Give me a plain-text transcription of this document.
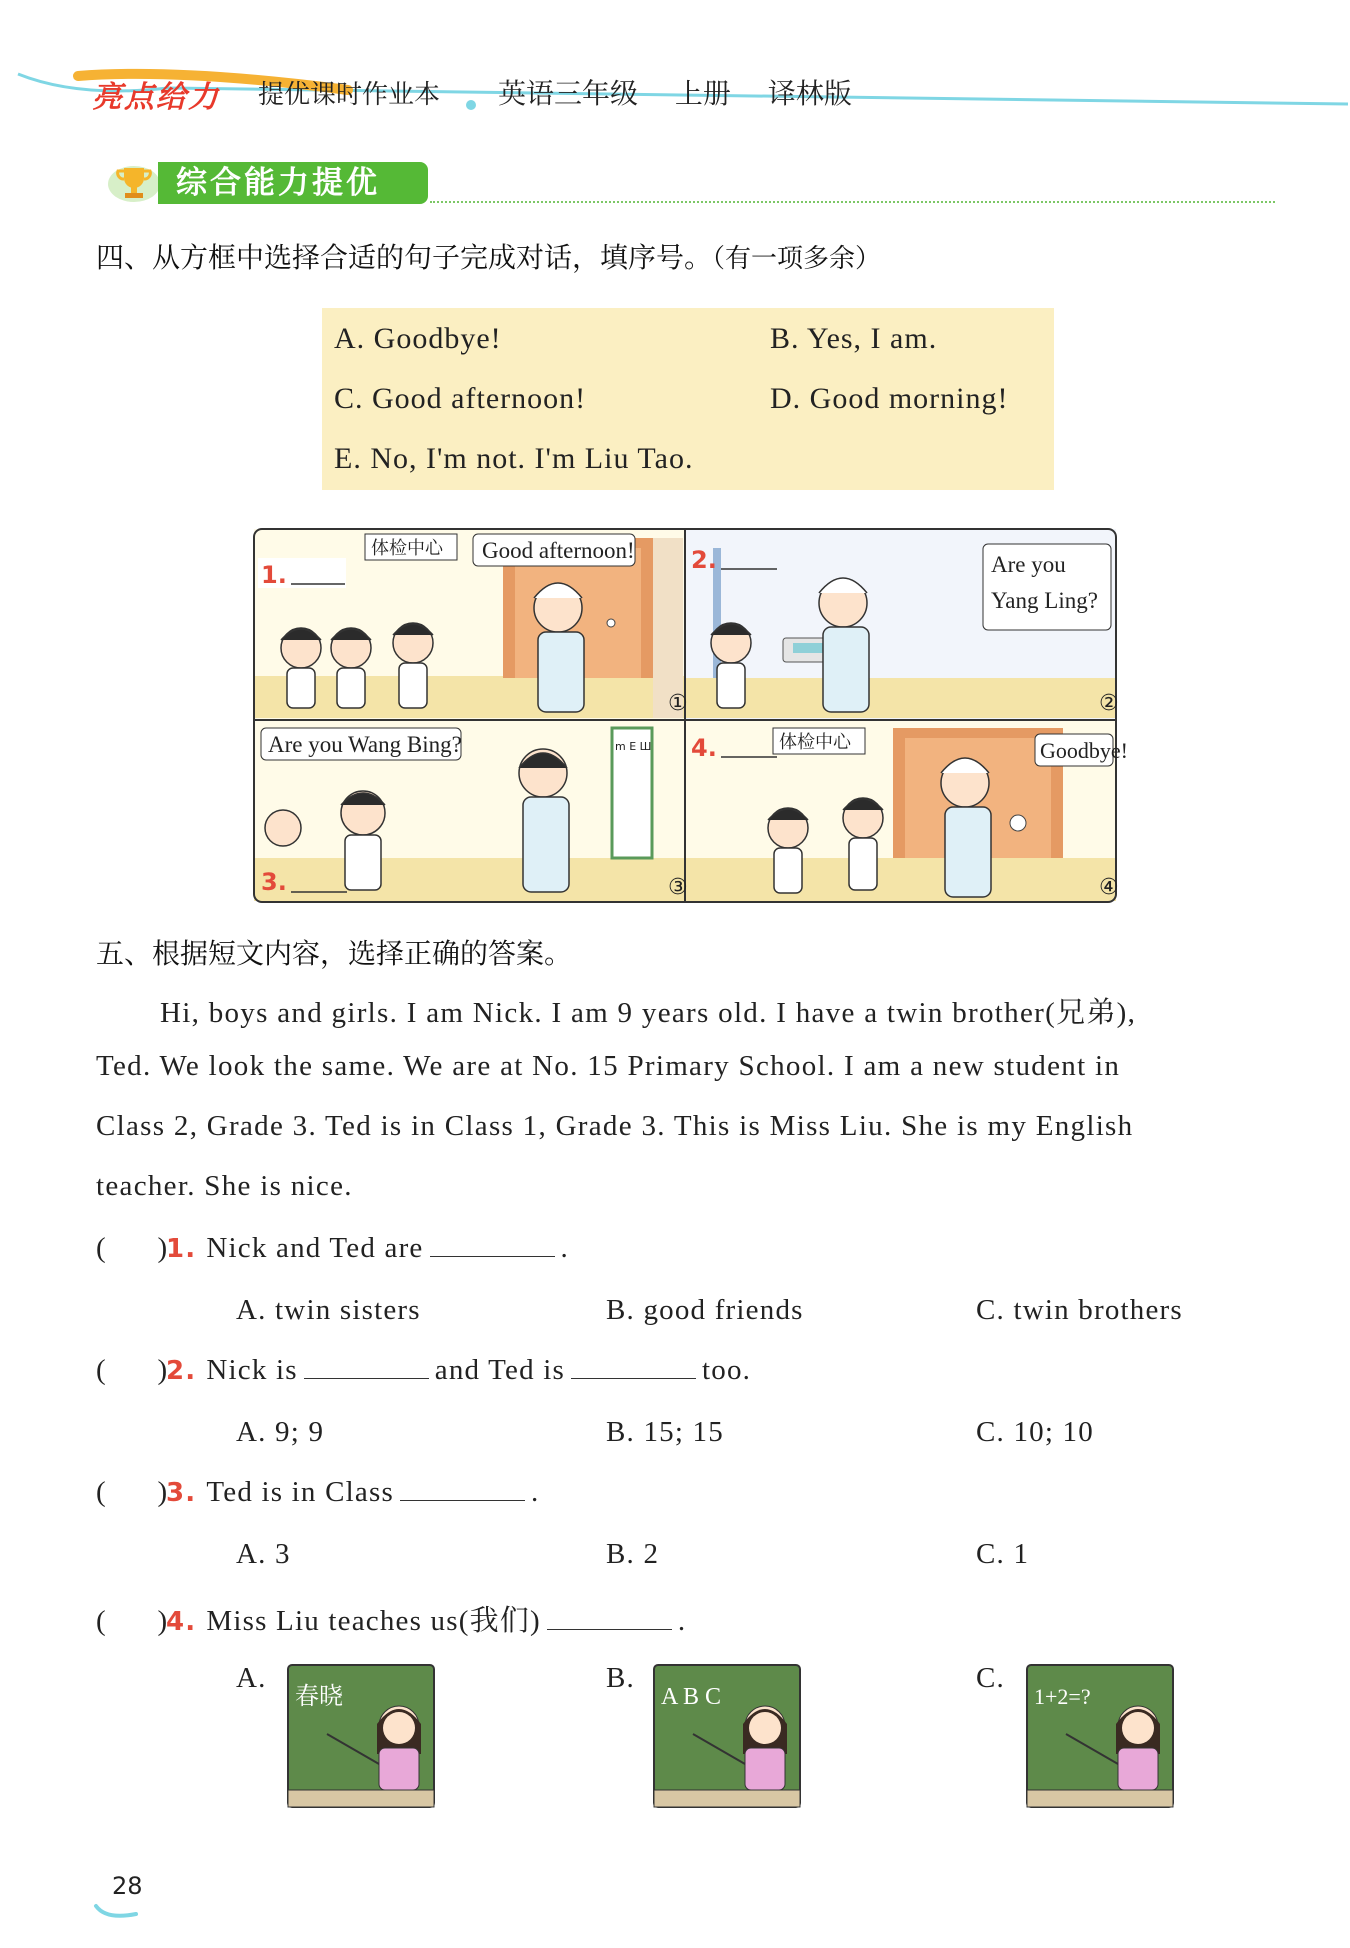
亮点给力 提优课时作业本 英语三年级 上册 译林版
综合能力提优
四、从方框中选择合适的句子完成对话，填序号。（有一项多余）
A. Goodbye!	B. Yes, I am.
C. Good afternoon!	D. Good morning!
E. No, I'm not. I'm Liu Tao.
体检中心
体检中心
Good afternoon!
Are you
Yang Ling?
Are you Wang Bing?	Goodbye!
m E Ш
1.
2.
3.
4.
①	②
③	④
五、根据短文内容，选择正确的答案。
Hi, boys and girls. I am Nick. I am 9 years old. I have a twin brother(兄弟),
Ted. We look the same. We are at No. 15 Primary School. I am a new student in
Class 2, Grade 3. Ted is in Class 1, Grade 3. This is Miss Liu. She is my English
teacher. She is nice.
(      )1. Nick and Ted are	.
A. twin sisters	B. good friends	C. twin brothers
(      )2. Nick is	and Ted is	too.
A. 9; 9	B. 15; 15	C. 10; 10
(      )3. Ted is in Class	.
A. 3	B. 2	C. 1
(      )4. Miss Liu teaches us(我们)	.
A.	B.	C.
春晓	A B C	1+2=?
28
